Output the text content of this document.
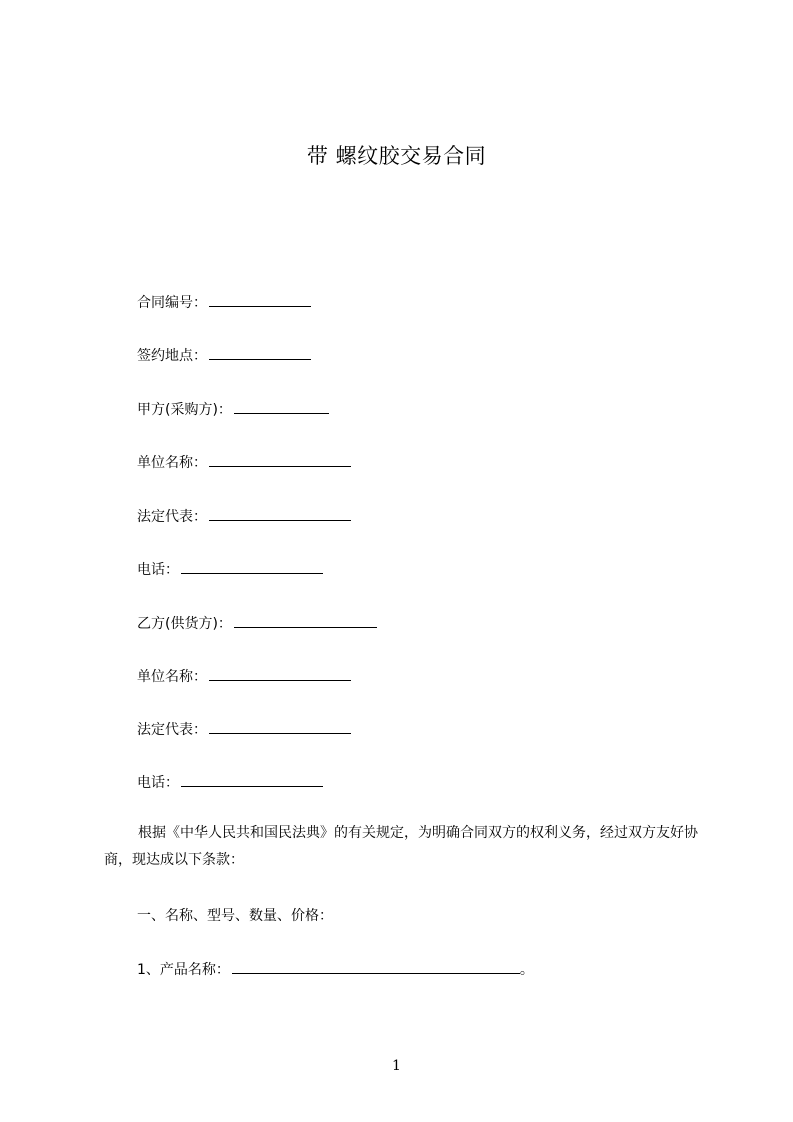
带 螺纹胶交易合同
合同编号：
签约地点：
甲方(采购方)：
单位名称：
法定代表：
电话：
乙方(供货方)：
单位名称：
法定代表：
电话：
根据《中华人民共和国民法典》的有关规定，为明确合同双方的权利义务，经过双方友好协商，现达成以下条款：
一、名称、型号、数量、价格：
1、产品名称：	。
1
